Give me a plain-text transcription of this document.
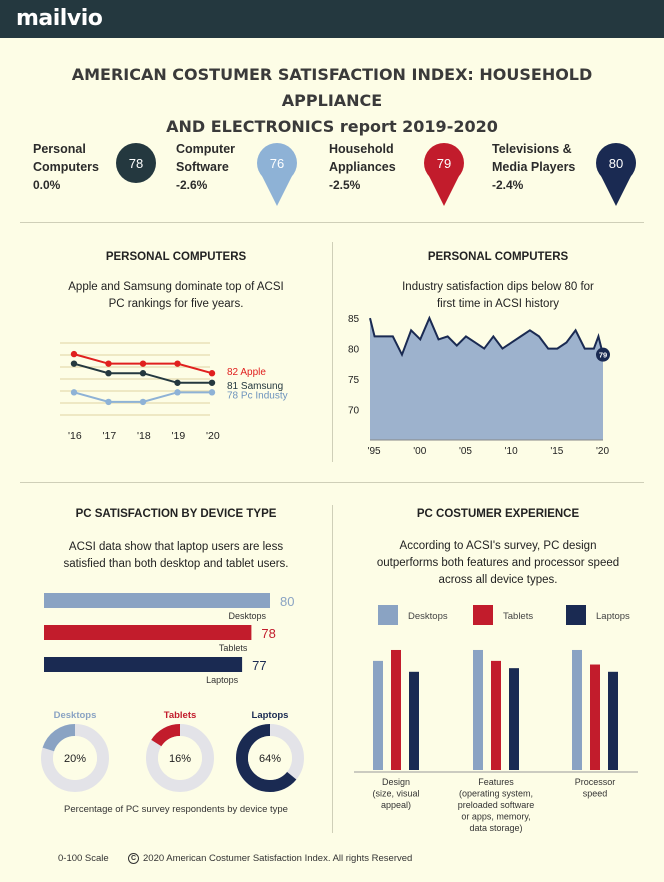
mailvio
AMERICAN COSTUMER SATISFACTION INDEX: HOUSEHOLD APPLIANCE
AND ELECTRONICS report 2019-2020
Personal
Computers
0.0%
78
Computer
Software
-2.6%
76
Household
Appliances
-2.5%
79
Televisions &
Media Players
-2.4%
80
PERSONAL COMPUTERS
Apple and Samsung dominate top of ACSI
PC rankings for five years.
82 Apple
81 Samsung
78 Pc Industy
'16 '17 '18 '19 '20
PERSONAL COMPUTERS
Industry satisfaction dips below 80 for
first time in ACSI history
70
75
80
85
'95	'00	'05	'10	'15	'20
79
PC SATISFACTION BY DEVICE TYPE
ACSI data show that laptop users are less
satisfied than both desktop and tablet users.
80
Desktops
78
Tablets
77
Laptops
Desktops
20%
Tablets
16%
Laptops
64%
Percentage of PC survey respondents by device type
PC COSTUMER EXPERIENCE
According to ACSI's survey, PC design
outperforms both features and processor speed
across all device types.
Desktops	Tablets	Laptops
Design
(size, visual
appeal)
Features
(operating system,
preloaded software
or apps, memory,
data storage)
Processor
speed
0-100 Scale	C 2020 American Costumer Satisfaction Index. All rights Reserved
